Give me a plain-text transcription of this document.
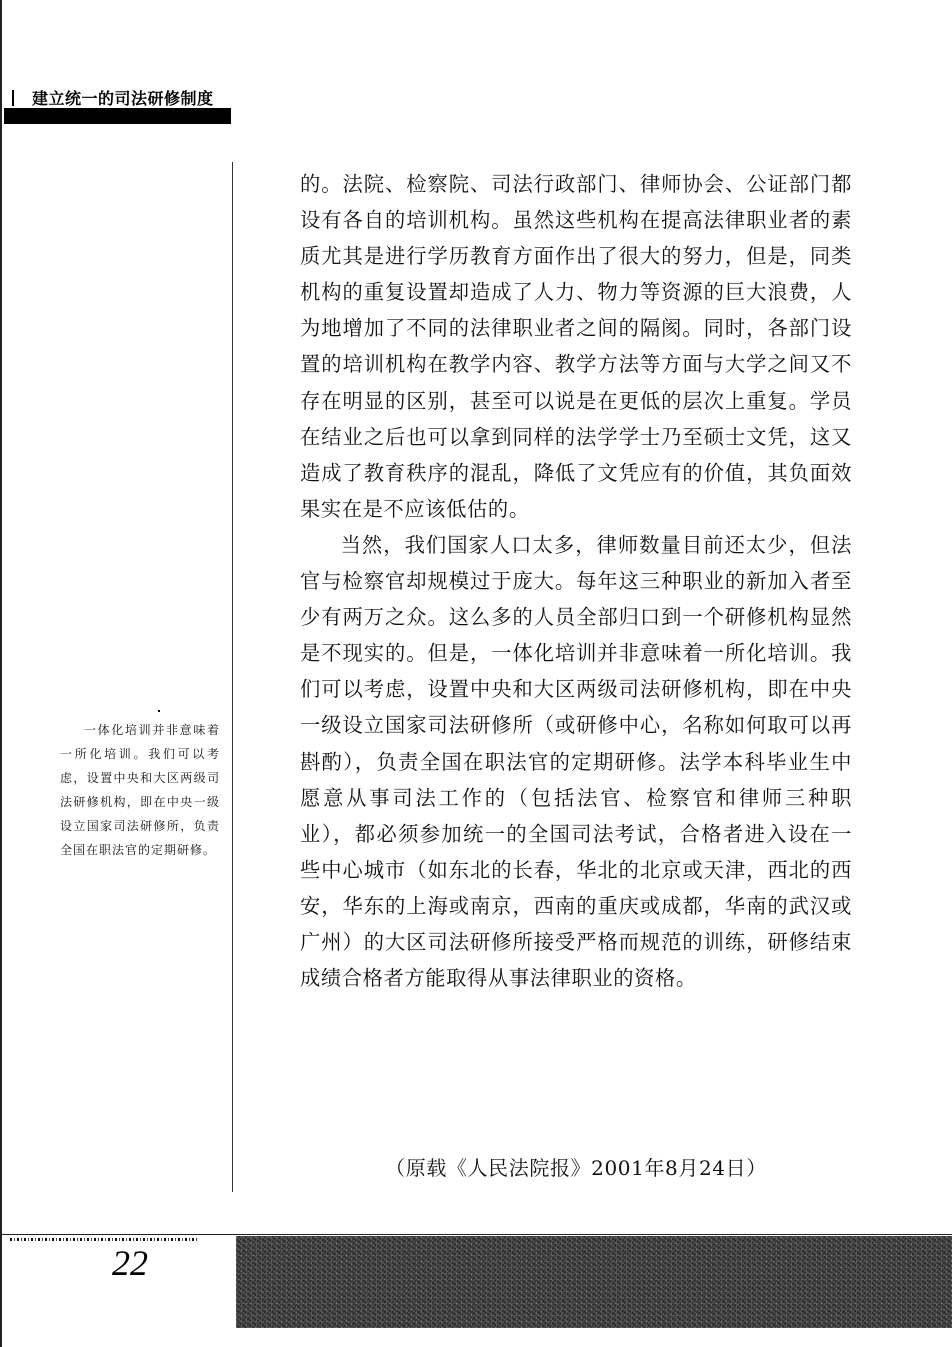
建立统一的司法研修制度

的。法院、检察院、司法行政部门、律师协会、公证部门都设有各自的培训机构。虽然这些机构在提高法律职业者的素质尤其是进行学历教育方面作出了很大的努力，但是，同类机构的重复设置却造成了人力、物力等资源的巨大浪费，人为地增加了不同的法律职业者之间的隔阂。同时，各部门设置的培训机构在教学内容、教学方法等方面与大学之间又不存在明显的区别，甚至可以说是在更低的层次上重复。学员在结业之后也可以拿到同样的法学学士乃至硕士文凭，这又造成了教育秩序的混乱，降低了文凭应有的价值，其负面效果实在是不应该低估的。

当然，我们国家人口太多，律师数量目前还太少，但法官与检察官却规模过于庞大。每年这三种职业的新加入者至少有两万之众。这么多的人员全部归口到一个研修机构显然是不现实的。但是，一体化培训并非意味着一所化培训。我们可以考虑，设置中央和大区两级司法研修机构，即在中央一级设立国家司法研修所（或研修中心，名称如何取可以再斟酌），负责全国在职法官的定期研修。法学本科毕业生中愿意从事司法工作的（包括法官、检察官和律师三种职业），都必须参加统一的全国司法考试，合格者进入设在一些中心城市（如东北的长春，华北的北京或天津，西北的西安，华东的上海或南京，西南的重庆或成都，华南的武汉或广州）的大区司法研修所接受严格而规范的训练，研修结束成绩合格者方能取得从事法律职业的资格。

（原载《人民法院报》2001年8月24日）
一体化培训并非意味着一所化培训。我们可以考虑，设置中央和大区两级司法研修机构，即在中央一级设立国家司法研修所，负责全国在职法官的定期研修。
22
